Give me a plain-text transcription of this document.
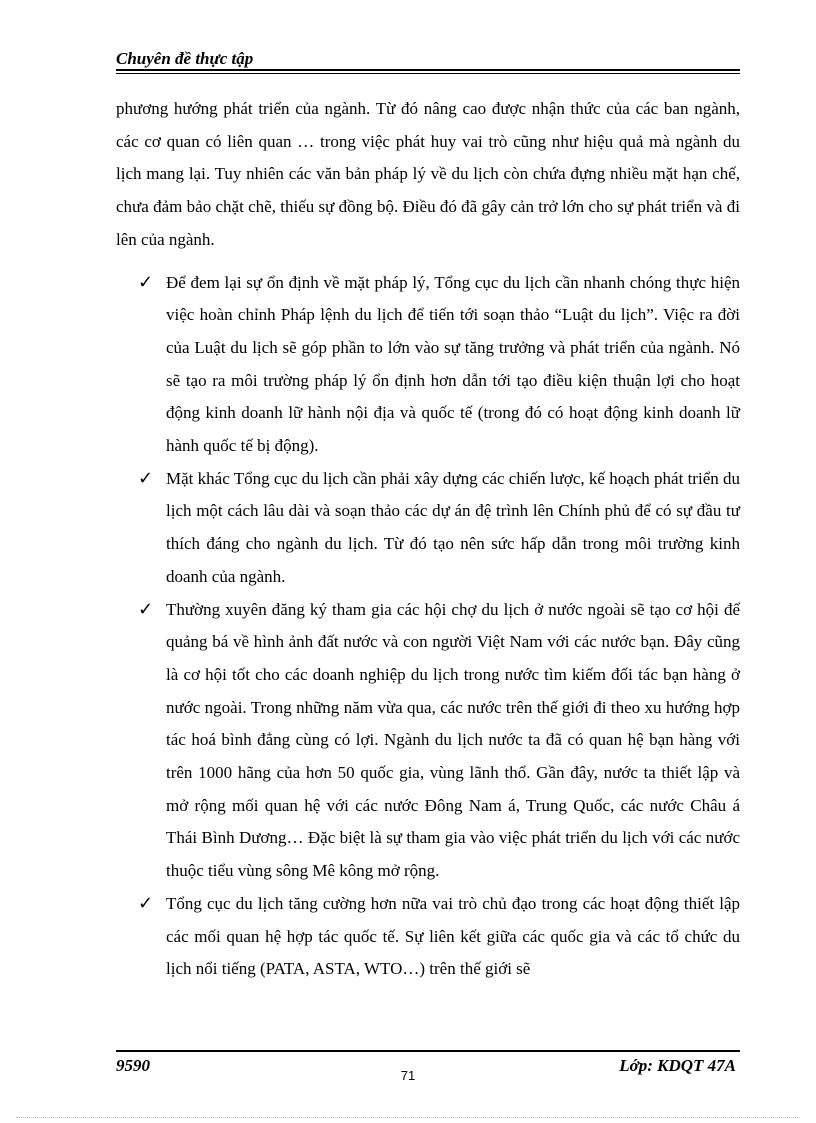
Chuyên đề thực tập

phương hướng phát triển của ngành. Từ đó nâng cao được nhận thức của các ban ngành, các cơ quan có liên quan … trong việc phát huy vai trò cũng như hiệu quả mà ngành du lịch mang lại. Tuy nhiên các văn bản pháp lý về du lịch còn chứa đựng nhiều mặt hạn chế, chưa đảm bảo chặt chẽ, thiếu sự đồng bộ. Điều đó đã gây cản trở lớn cho sự phát triển và đi lên của ngành.

✓ Để đem lại sự ổn định về mặt pháp lý, Tổng cục du lịch cần nhanh chóng thực hiện việc hoàn chỉnh Pháp lệnh du lịch để tiến tới soạn thảo “Luật du lịch”. Việc ra đời của Luật du lịch sẽ góp phần to lớn vào sự tăng trưởng và phát triển của ngành. Nó sẽ tạo ra môi trường pháp lý ổn định hơn dẫn tới tạo điều kiện thuận lợi cho hoạt động kinh doanh lữ hành nội địa và quốc tế (trong đó có hoạt động kinh doanh lữ hành quốc tế bị động).
✓ Mặt khác Tổng cục du lịch cần phải xây dựng các chiến lược, kế hoạch phát triển du lịch một cách lâu dài và soạn thảo các dự án đệ trình lên Chính phủ để có sự đầu tư thích đáng cho ngành du lịch. Từ đó tạo nên sức hấp dẫn trong môi trường kinh doanh của ngành.
✓ Thường xuyên đăng ký tham gia các hội chợ du lịch ở nước ngoài sẽ tạo cơ hội để quảng bá về hình ảnh đất nước và con người Việt Nam với các nước bạn. Đây cũng là cơ hội tốt cho các doanh nghiệp du lịch trong nước tìm kiếm đối tác bạn hàng ở nước ngoài. Trong những năm vừa qua, các nước trên thế giới đi theo xu hướng hợp tác hoá bình đẳng cùng có lợi. Ngành du lịch nước ta đã có quan hệ bạn hàng với trên 1000 hãng của hơn 50 quốc gia, vùng lãnh thổ. Gần đây, nước ta thiết lập và mở rộng mối quan hệ với các nước Đông Nam á, Trung Quốc, các nước Châu á Thái Bình Dương… Đặc biệt là sự tham gia vào việc phát triển du lịch với các nước thuộc tiểu vùng sông Mê kông mở rộng.
✓ Tổng cục du lịch tăng cường hơn nữa vai trò chủ đạo trong các hoạt động thiết lập các mối quan hệ hợp tác quốc tế. Sự liên kết giữa các quốc gia và các tổ chức du lịch nổi tiếng (PATA, ASTA, WTO…) trên thế giới sẽ
9590	Lớp: KDQT 47A
71
